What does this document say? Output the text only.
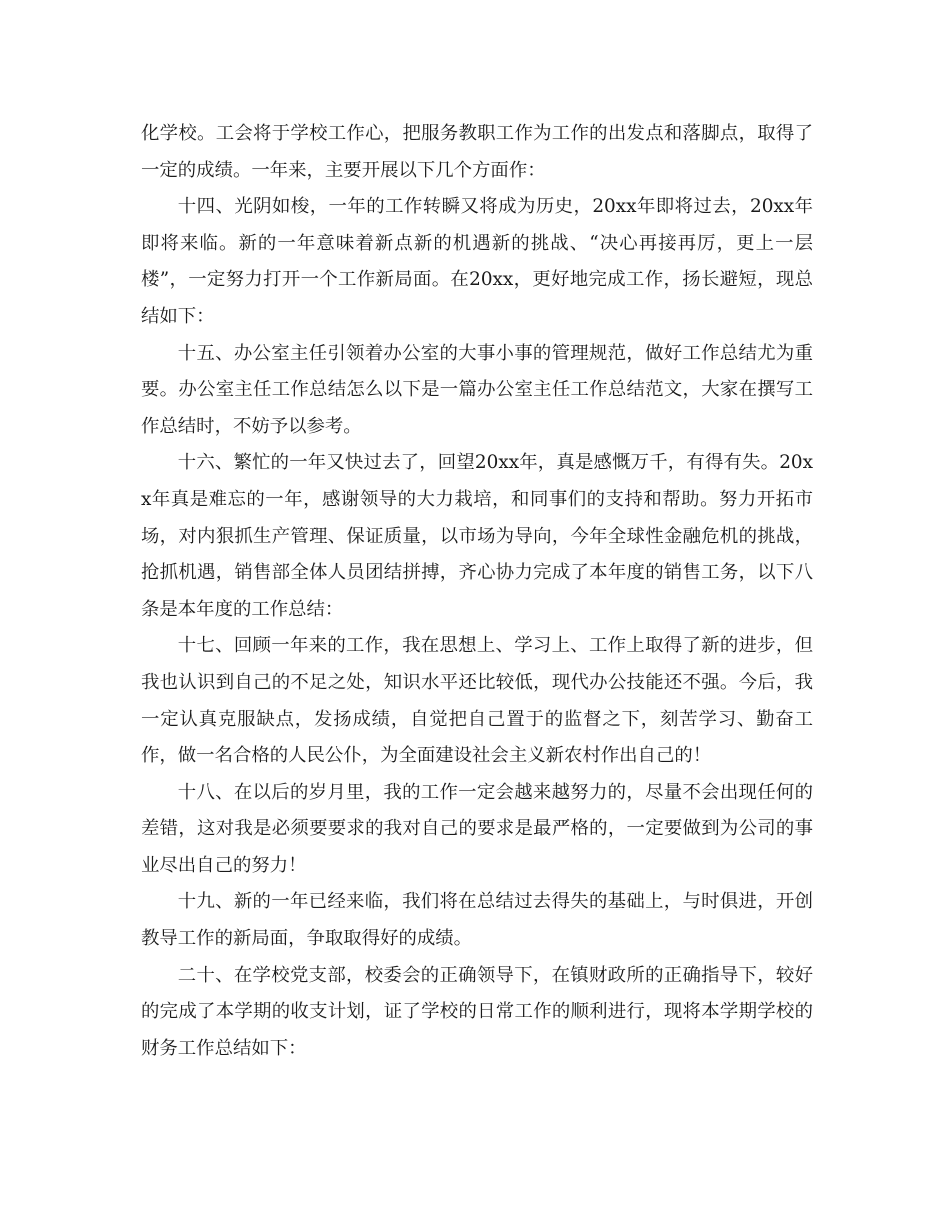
化学校。工会将于学校工作心，把服务教职工作为工作的出发点和落脚点，取得了一定的成绩。一年来，主要开展以下几个方面作：

十四、光阴如梭，一年的工作转瞬又将成为历史，20xx年即将过去，20xx年即将来临。新的一年意味着新点新的机遇新的挑战、“决心再接再厉，更上一层楼”，一定努力打开一个工作新局面。在20xx，更好地完成工作，扬长避短，现总结如下：

十五、办公室主任引领着办公室的大事小事的管理规范，做好工作总结尤为重要。办公室主任工作总结怎么以下是一篇办公室主任工作总结范文，大家在撰写工作总结时，不妨予以参考。

十六、繁忙的一年又快过去了，回望20xx年，真是感慨万千，有得有失。20xx年真是难忘的一年，感谢领导的大力栽培，和同事们的支持和帮助。努力开拓市场，对内狠抓生产管理、保证质量，以市场为导向，今年全球性金融危机的挑战，抢抓机遇，销售部全体人员团结拼搏，齐心协力完成了本年度的销售工务，以下八条是本年度的工作总结：

十七、回顾一年来的工作，我在思想上、学习上、工作上取得了新的进步，但我也认识到自己的不足之处，知识水平还比较低，现代办公技能还不强。今后，我一定认真克服缺点，发扬成绩，自觉把自己置于的监督之下，刻苦学习、勤奋工作，做一名合格的人民公仆，为全面建设社会主义新农村作出自己的！

十八、在以后的岁月里，我的工作一定会越来越努力的，尽量不会出现任何的差错，这对我是必须要要求的我对自己的要求是最严格的，一定要做到为公司的事业尽出自己的努力！

十九、新的一年已经来临，我们将在总结过去得失的基础上，与时俱进，开创教导工作的新局面，争取取得好的成绩。

二十、在学校党支部，校委会的正确领导下，在镇财政所的正确指导下，较好的完成了本学期的收支计划，证了学校的日常工作的顺利进行，现将本学期学校的财务工作总结如下：
